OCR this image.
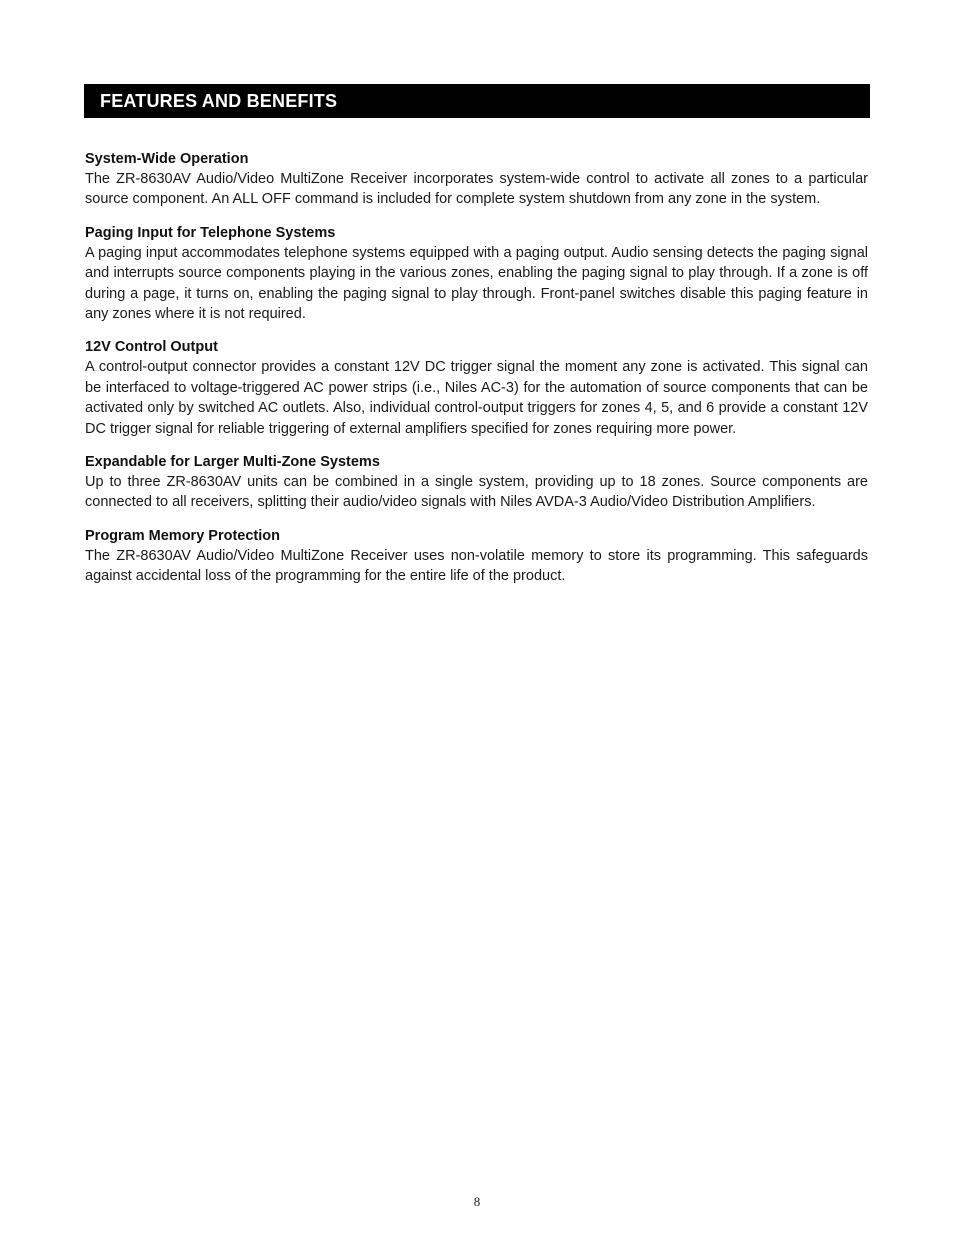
FEATURES AND BENEFITS
System-Wide Operation

The ZR-8630AV Audio/Video MultiZone Receiver incorporates system-wide control to activate all zones to a particular source component. An ALL OFF command is included for complete system shutdown from any zone in the system.

Paging Input for Telephone Systems

A paging input accommodates telephone systems equipped with a paging output. Audio sensing detects the paging signal and interrupts source components playing in the various zones, enabling the paging signal to play through. If a zone is off during a page, it turns on, enabling the paging signal to play through. Front-panel switches disable this paging feature in any zones where it is not required.

12V Control Output

A control-output connector provides a constant 12V DC trigger signal the moment any zone is activated. This signal can be interfaced to voltage-triggered AC power strips (i.e., Niles AC-3) for the automation of source components that can be activated only by switched AC outlets. Also, individual control-output triggers for zones 4, 5, and 6 provide a constant 12V DC trigger signal for reliable triggering of external amplifiers specified for zones requiring more power.

Expandable for Larger Multi-Zone Systems

Up to three ZR-8630AV units can be combined in a single system, providing up to 18 zones. Source components are connected to all receivers, splitting their audio/video signals with Niles AVDA-3 Audio/Video Distribution Amplifiers.

Program Memory Protection

The ZR-8630AV Audio/Video MultiZone Receiver uses non-volatile memory to store its programming. This safeguards against accidental loss of the programming for the entire life of the product.

8
